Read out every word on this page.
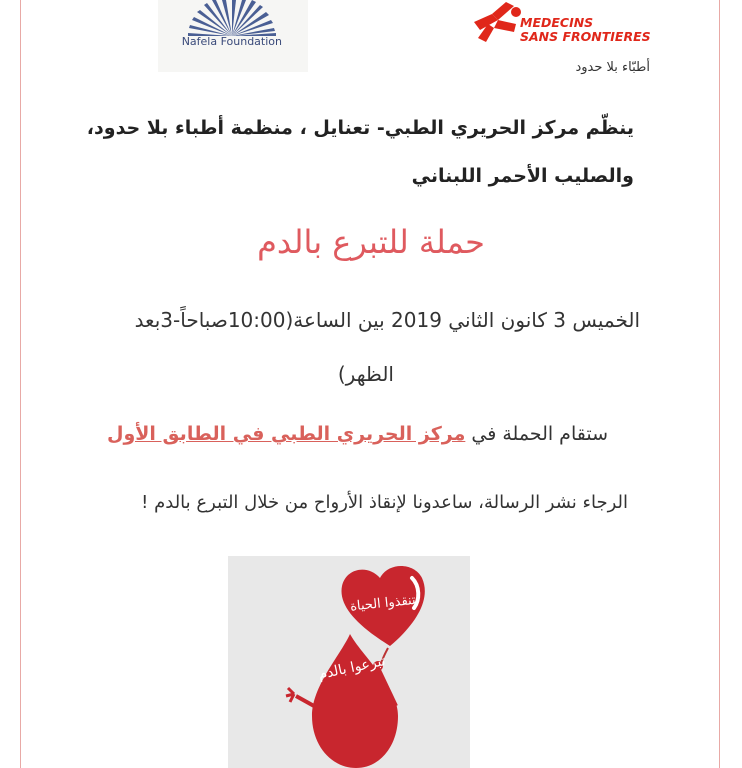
Nafela Foundation
MEDECINS
SANS FRONTIERES
أطبّاء بلا حدود
ينظّم مركز الحريري الطبي- تعنايل ، منظمة أطباء بلا حدود،
والصليب الأحمر اللبناني
حملة للتبرع بالدم
الخميس 3 كانون الثاني 2019 بين الساعة(10:00صباحاً-3بعد
الظهر)
ستقام الحملة في مركز الحريري الطبي في الطابق الأول
الرجاء نشر الرسالة، ساعدونا لإنقاذ الأرواح من خلال التبرع بالدم !
لتنقذوا الحياة
تبرعوا بالدم
